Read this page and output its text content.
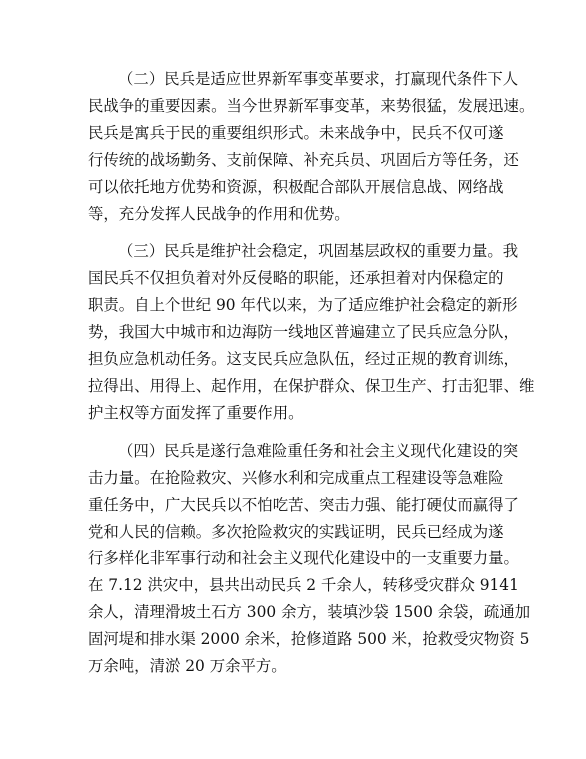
（二）民兵是适应世界新军事变革要求，打赢现代条件下人
民战争的重要因素。当今世界新军事变革，来势很猛，发展迅速。
民兵是寓兵于民的重要组织形式。未来战争中，民兵不仅可遂
行传统的战场勤务、支前保障、补充兵员、巩固后方等任务，还
可以依托地方优势和资源，积极配合部队开展信息战、网络战
等，充分发挥人民战争的作用和优势。

（三）民兵是维护社会稳定，巩固基层政权的重要力量。我
国民兵不仅担负着对外反侵略的职能，还承担着对内保稳定的
职责。自上个世纪 90 年代以来，为了适应维护社会稳定的新形
势，我国大中城市和边海防一线地区普遍建立了民兵应急分队，
担负应急机动任务。这支民兵应急队伍，经过正规的教育训练，
拉得出、用得上、起作用，在保护群众、保卫生产、打击犯罪、维
护主权等方面发挥了重要作用。

（四）民兵是遂行急难险重任务和社会主义现代化建设的突
击力量。在抢险救灾、兴修水利和完成重点工程建设等急难险
重任务中，广大民兵以不怕吃苦、突击力强、能打硬仗而赢得了
党和人民的信赖。多次抢险救灾的实践证明，民兵已经成为遂
行多样化非军事行动和社会主义现代化建设中的一支重要力量。
在 7.12 洪灾中，县共出动民兵 2 千余人，转移受灾群众 9141
余人，清理滑坡土石方 300 余方，装填沙袋 1500 余袋，疏通加
固河堤和排水渠 2000 余米，抢修道路 500 米，抢救受灾物资 5
万余吨，清淤 20 万余平方。
